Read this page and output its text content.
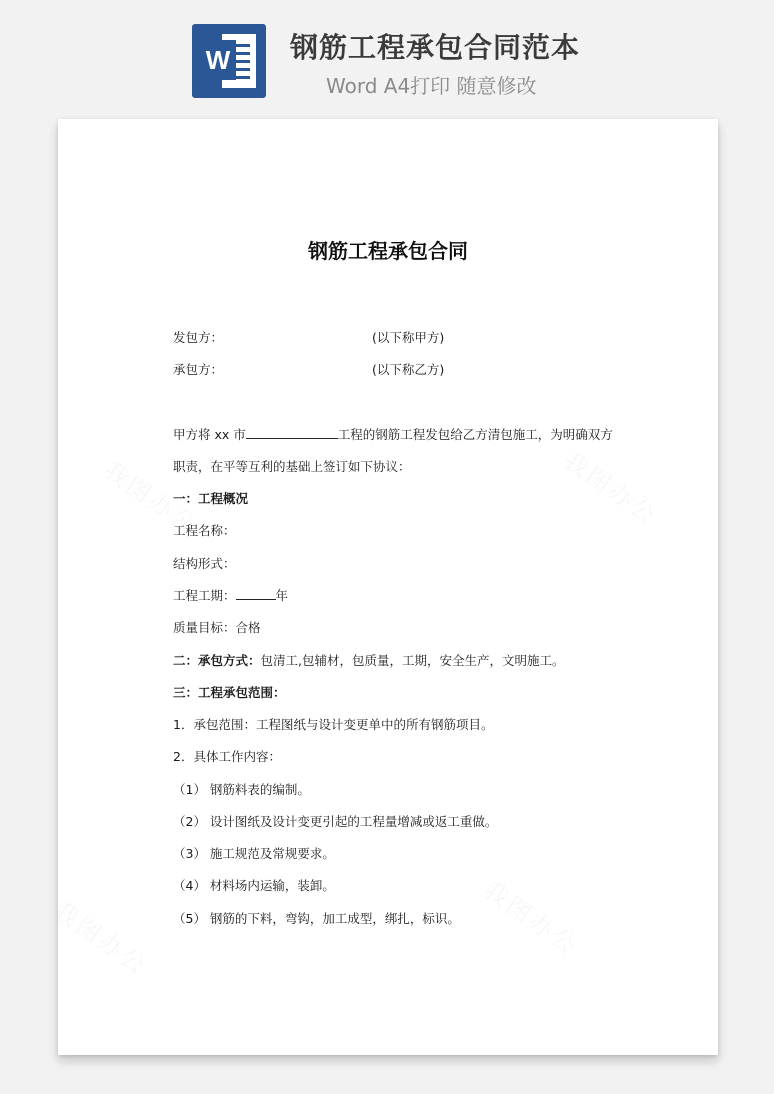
W 钢筋工程承包合同范本
Word A4打印 随意修改
钢筋工程承包合同
发包方：	(以下称甲方)
承包方：	(以下称乙方)
甲方将 xx 市	工程的钢筋工程发包给乙方清包施工，为明确双方
职责，在平等互利的基础上签订如下协议：
一：工程概况
工程名称：
结构形式：
工程工期：	年
质量目标：合格
二：承包方式：包清工,包辅材，包质量，工期，安全生产，文明施工。
三：工程承包范围：
1．承包范围：工程图纸与设计变更单中的所有钢筋项目。
2．具体工作内容：
（1） 钢筋料表的编制。
（2） 设计图纸及设计变更引起的工程量增减或返工重做。
（3） 施工规范及常规要求。
（4） 材料场内运输，装卸。
（5） 钢筋的下料，弯钩，加工成型，绑扎，标识。
